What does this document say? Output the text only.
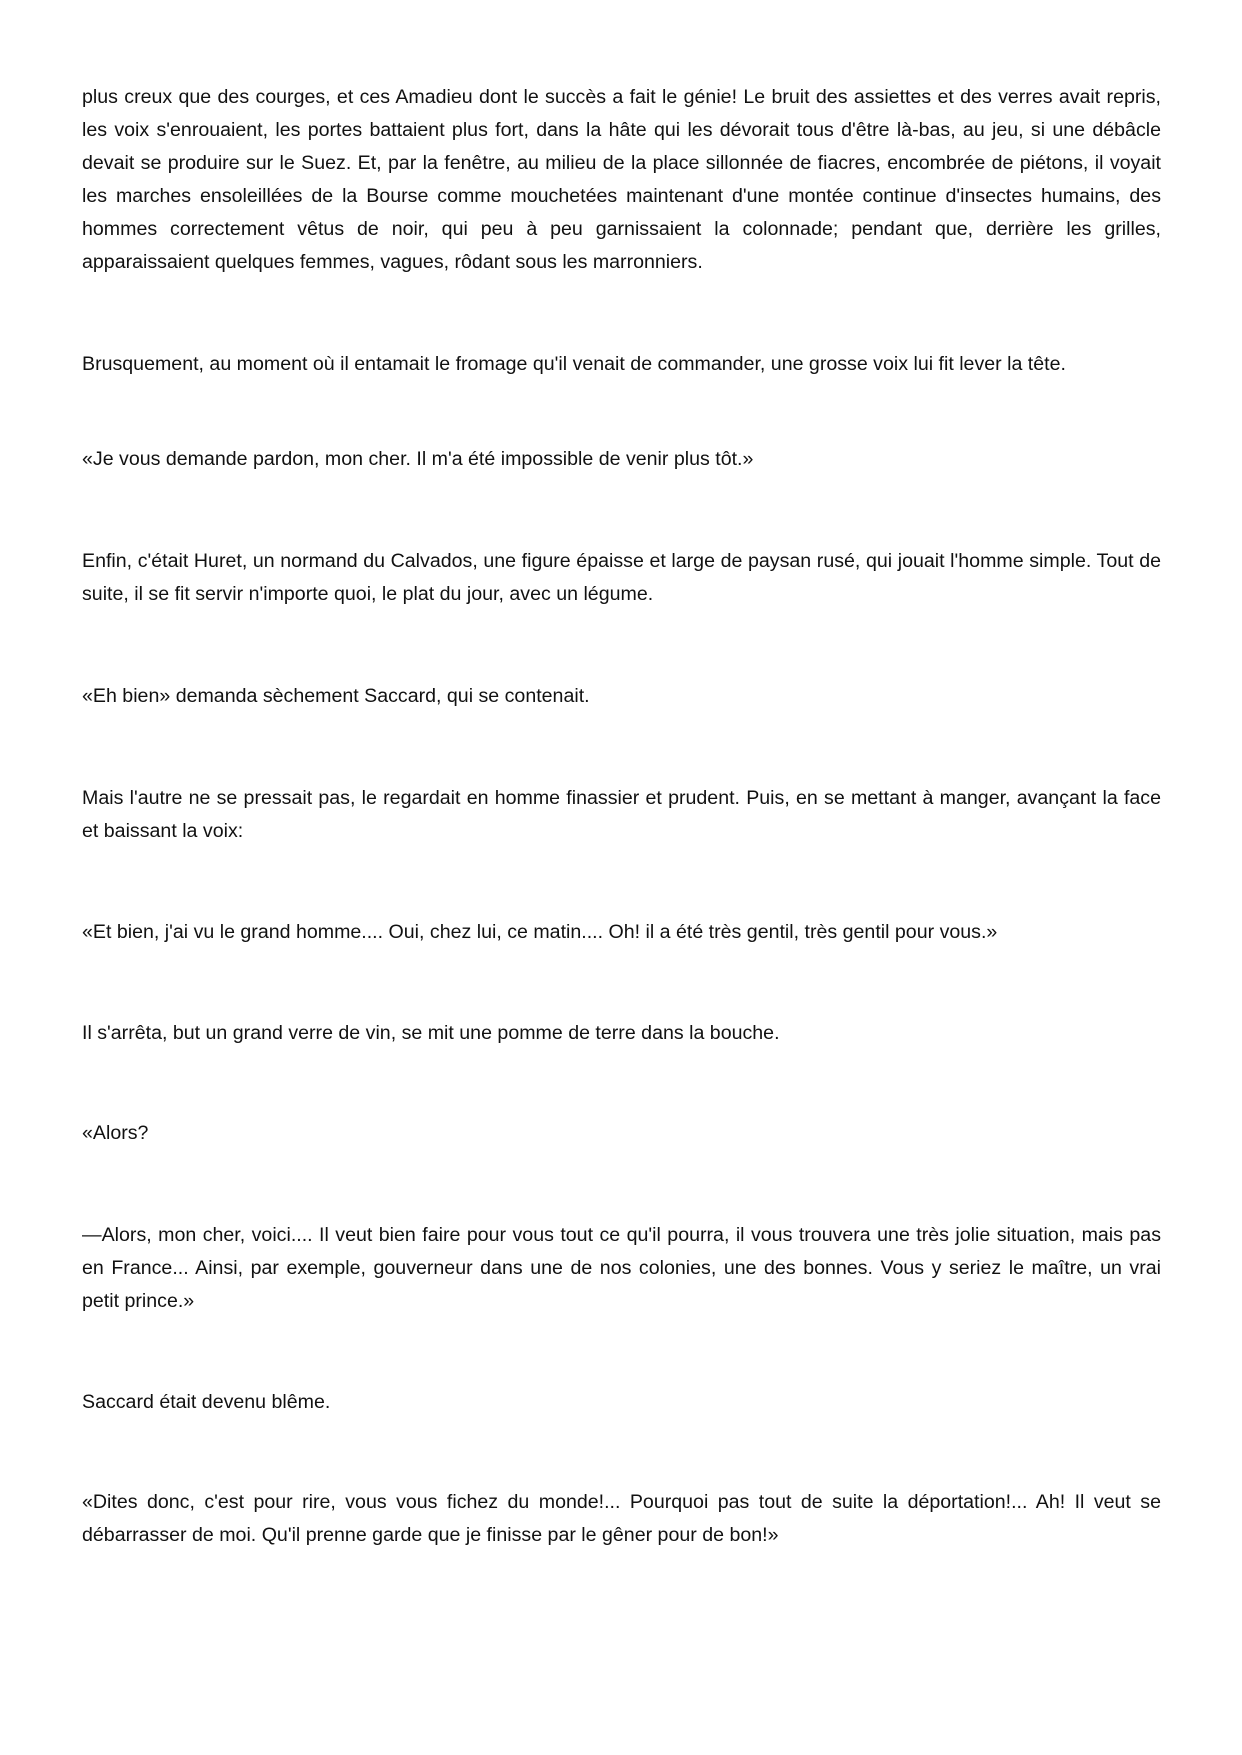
plus creux que des courges, et ces Amadieu dont le succès a fait le génie! Le bruit des assiettes et des verres avait repris, les voix s'enrouaient, les portes battaient plus fort, dans la hâte qui les dévorait tous d'être là-bas, au jeu, si une débâcle devait se produire sur le Suez. Et, par la fenêtre, au milieu de la place sillonnée de fiacres, encombrée de piétons, il voyait les marches ensoleillées de la Bourse comme mouchetées maintenant d'une montée continue d'insectes humains, des hommes correctement vêtus de noir, qui peu à peu garnissaient la colonnade; pendant que, derrière les grilles, apparaissaient quelques femmes, vagues, rôdant sous les marronniers.

Brusquement, au moment où il entamait le fromage qu'il venait de commander, une grosse voix lui fit lever la tête.

«Je vous demande pardon, mon cher. Il m'a été impossible de venir plus tôt.»

Enfin, c'était Huret, un normand du Calvados, une figure épaisse et large de paysan rusé, qui jouait l'homme simple. Tout de suite, il se fit servir n'importe quoi, le plat du jour, avec un légume.

«Eh bien» demanda sèchement Saccard, qui se contenait.

Mais l'autre ne se pressait pas, le regardait en homme finassier et prudent. Puis, en se mettant à manger, avançant la face et baissant la voix:

«Et bien, j'ai vu le grand homme.... Oui, chez lui, ce matin.... Oh! il a été très gentil, très gentil pour vous.»

Il s'arrêta, but un grand verre de vin, se mit une pomme de terre dans la bouche.

«Alors?

—Alors, mon cher, voici.... Il veut bien faire pour vous tout ce qu'il pourra, il vous trouvera une très jolie situation, mais pas en France... Ainsi, par exemple, gouverneur dans une de nos colonies, une des bonnes. Vous y seriez le maître, un vrai petit prince.»

Saccard était devenu blême.

«Dites donc, c'est pour rire, vous vous fichez du monde!... Pourquoi pas tout de suite la déportation!... Ah! Il veut se débarrasser de moi. Qu'il prenne garde que je finisse par le gêner pour de bon!»
